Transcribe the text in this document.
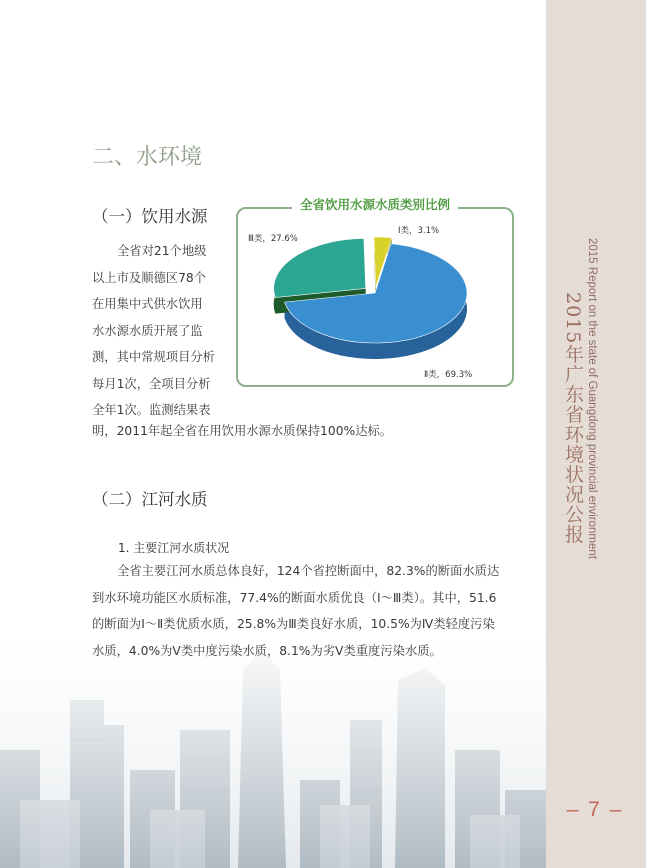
2015年广东省环境状况公报 2015 Report on the state of Guangdong provincial environment
– 7 –
二、水环境
（一）饮用水源
全省对21个地级
以上市及顺德区78个
在用集中式供水饮用
水水源水质开展了监
测，其中常规项目分析
每月1次，全项目分析
全年1次。监测结果表
明，2011年起全省在用饮用水源水质保持100%达标。
全省饮用水源水质类别比例
Ⅲ类，27.6%
Ⅰ类，3.1%
Ⅱ类，69.3%
（二）江河水质
1. 主要江河水质状况
全省主要江河水质总体良好，124个省控断面中，82.3%的断面水质达
到水环境功能区水质标准，77.4%的断面水质优良（Ⅰ～Ⅲ类）。其中，51.6
的断面为Ⅰ～Ⅱ类优质水质，25.8%为Ⅲ类良好水质，10.5%为Ⅳ类轻度污染
水质，4.0%为Ⅴ类中度污染水质，8.1%为劣Ⅴ类重度污染水质。
